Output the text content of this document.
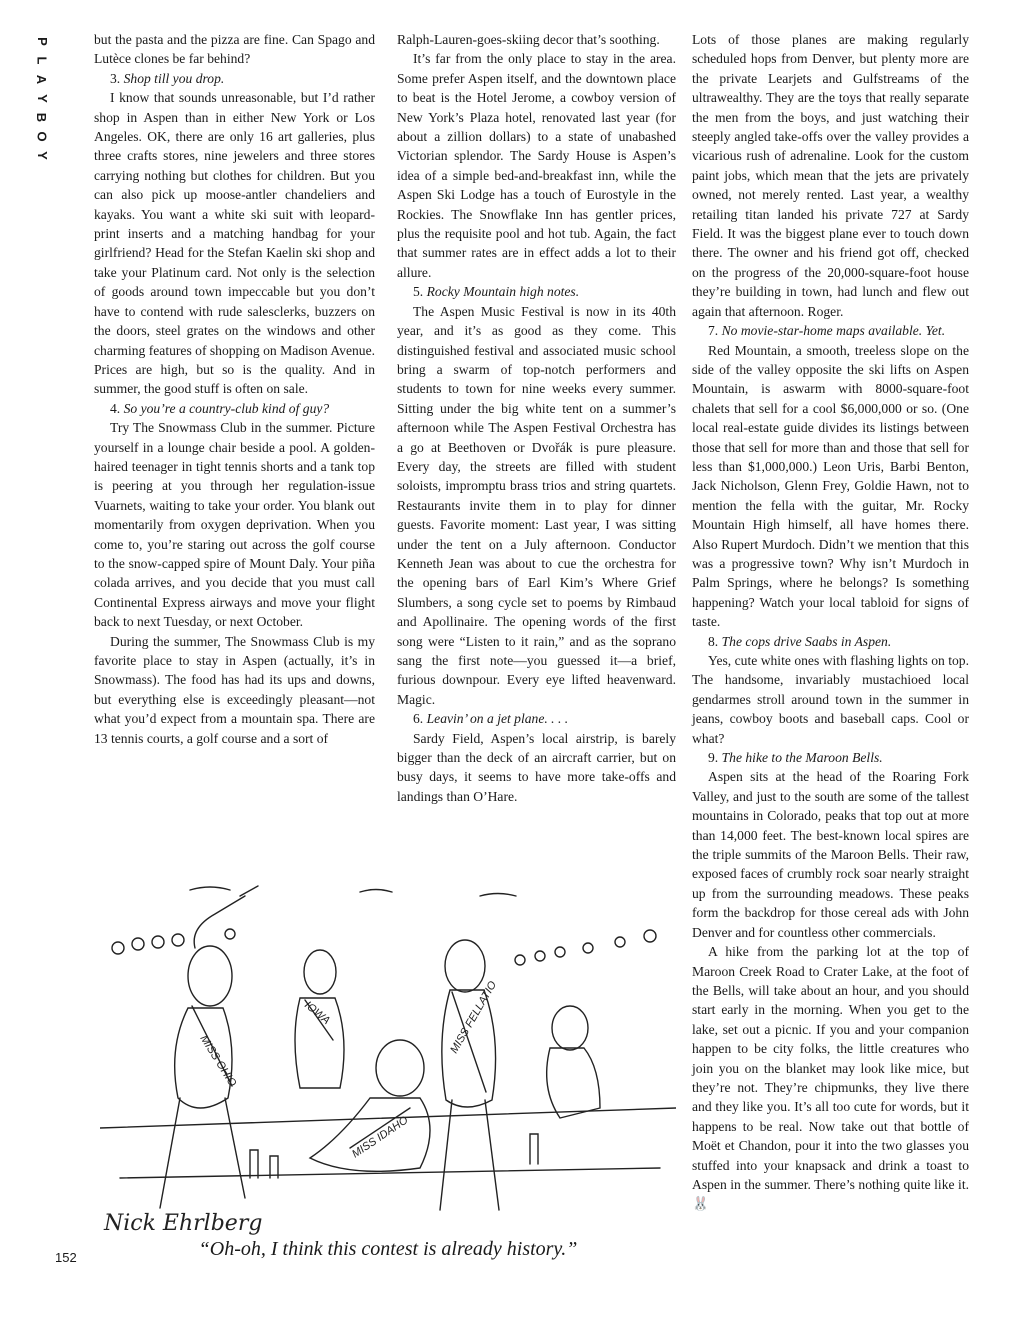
P
L
A
Y
B
O
Y

but the pasta and the pizza are fine. Can Spago and Lutèce clones be far behind?

3. Shop till you drop.

I know that sounds unreasonable, but I’d rather shop in Aspen than in either New York or Los Angeles. OK, there are only 16 art galleries, plus three crafts stores, nine jewelers and three stores carrying nothing but clothes for children. But you can also pick up moose-antler chandeliers and kayaks. You want a white ski suit with leopard-print inserts and a matching handbag for your girlfriend? Head for the Stefan Kaelin ski shop and take your Platinum card. Not only is the selection of goods around town impeccable but you don’t have to contend with rude salesclerks, buzzers on the doors, steel grates on the windows and other charming features of shopping on Madison Avenue. Prices are high, but so is the quality. And in summer, the good stuff is often on sale.

4. So you’re a country-club kind of guy?

Try The Snowmass Club in the summer. Picture yourself in a lounge chair beside a pool. A golden-haired teenager in tight tennis shorts and a tank top is peering at you through her regulation-issue Vuarnets, waiting to take your order. You blank out momentarily from oxygen deprivation. When you come to, you’re staring out across the golf course to the snow-capped spire of Mount Daly. Your piña colada arrives, and you decide that you must call Continental Express airways and move your flight back to next Tuesday, or next October.

During the summer, The Snowmass Club is my favorite place to stay in Aspen (actually, it’s in Snowmass). The food has had its ups and downs, but everything else is exceedingly pleasant—not what you’d expect from a mountain spa. There are 13 tennis courts, a golf course and a sort of

Ralph-Lauren-goes-skiing decor that’s soothing.

It’s far from the only place to stay in the area. Some prefer Aspen itself, and the downtown place to beat is the Hotel Jerome, a cowboy version of New York’s Plaza hotel, renovated last year (for about a zillion dollars) to a state of unabashed Victorian splendor. The Sardy House is Aspen’s idea of a simple bed-and-breakfast inn, while the Aspen Ski Lodge has a touch of Eurostyle in the Rockies. The Snowflake Inn has gentler prices, plus the requisite pool and hot tub. Again, the fact that summer rates are in effect adds a lot to their allure.

5. Rocky Mountain high notes.

The Aspen Music Festival is now in its 40th year, and it’s as good as they come. This distinguished festival and associated music school bring a swarm of top-notch performers and students to town for nine weeks every summer. Sitting under the big white tent on a summer’s afternoon while The Aspen Festival Orchestra has a go at Beethoven or Dvořák is pure pleasure. Every day, the streets are filled with student soloists, impromptu brass trios and string quartets. Restaurants invite them in to play for dinner guests. Favorite moment: Last year, I was sitting under the tent on a July afternoon. Conductor Kenneth Jean was about to cue the orchestra for the opening bars of Earl Kim’s Where Grief Slumbers, a song cycle set to poems by Rimbaud and Apollinaire. The opening words of the first song were “Listen to it rain,” and as the soprano sang the first note—you guessed it—a brief, furious downpour. Every eye lifted heavenward. Magic.

6. Leavin’ on a jet plane. . . .

Sardy Field, Aspen’s local airstrip, is barely bigger than the deck of an aircraft carrier, but on busy days, it seems to have more take-offs and landings than O’Hare.

Lots of those planes are making regularly scheduled hops from Denver, but plenty more are the private Learjets and Gulfstreams of the ultrawealthy. They are the toys that really separate the men from the boys, and just watching their steeply angled take-offs over the valley provides a vicarious rush of adrenaline. Look for the custom paint jobs, which mean that the jets are privately owned, not merely rented. Last year, a wealthy retailing titan landed his private 727 at Sardy Field. It was the biggest plane ever to touch down there. The owner and his friend got off, checked on the progress of the 20,000-square-foot house they’re building in town, had lunch and flew out again that afternoon. Roger.

7. No movie-star-home maps available. Yet.

Red Mountain, a smooth, treeless slope on the side of the valley opposite the ski lifts on Aspen Mountain, is aswarm with 8000-square-foot chalets that sell for a cool $6,000,000 or so. (One local real-estate guide divides its listings between those that sell for more than and those that sell for less than $1,000,000.) Leon Uris, Barbi Benton, Jack Nicholson, Glenn Frey, Goldie Hawn, not to mention the fella with the guitar, Mr. Rocky Mountain High himself, all have homes there. Also Rupert Murdoch. Didn’t we mention that this was a progressive town? Why isn’t Murdoch in Palm Springs, where he belongs? Is something happening? Watch your local tabloid for signs of taste.

8. The cops drive Saabs in Aspen.

Yes, cute white ones with flashing lights on top. The handsome, invariably mustachioed local gendarmes stroll around town in the summer in jeans, cowboy boots and baseball caps. Cool or what?

9. The hike to the Maroon Bells.

Aspen sits at the head of the Roaring Fork Valley, and just to the south are some of the tallest mountains in Colorado, peaks that top out at more than 14,000 feet. The best-known local spires are the triple summits of the Maroon Bells. Their raw, exposed faces of crumbly rock soar nearly straight up from the surrounding meadows. These peaks form the backdrop for those cereal ads with John Denver and for countless other commercials.

A hike from the parking lot at the top of Maroon Creek Road to Crater Lake, at the foot of the Bells, will take about an hour, and you should start early in the morning. When you get to the lake, set out a picnic. If you and your companion happen to be city folks, the little creatures who join you on the blanket may look like mice, but they’re not. They’re chipmunks, they live there and they like you. It’s all too cute for words, but it happens to be real. Now take out that bottle of Moët et Chandon, pour it into the two glasses you stuffed into your knapsack and drink a toast to Aspen in the summer. There’s nothing quite like it. 🐰

MISS OHIO
IOWA	MISS FELLATIO
MISS IDAHO
Nick Ehrlberg
“Oh-oh, I think this contest is already history.”
152
